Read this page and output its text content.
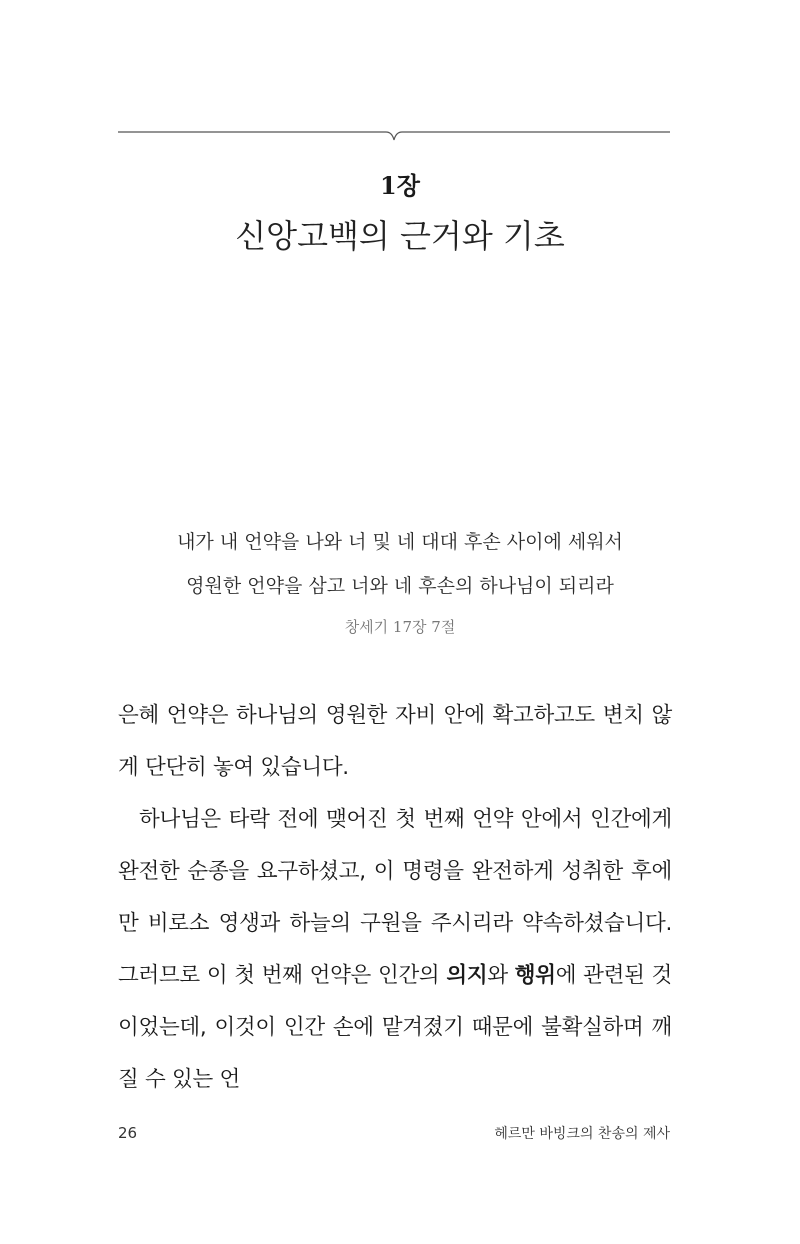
1장
신앙고백의 근거와 기초
내가 내 언약을 나와 너 및 네 대대 후손 사이에 세워서
영원한 언약을 삼고 너와 네 후손의 하나님이 되리라
창세기 17장 7절

은혜 언약은 하나님의 영원한 자비 안에 확고하고도 변치 않게 단단히 놓여 있습니다.

하나님은 타락 전에 맺어진 첫 번째 언약 안에서 인간에게 완전한 순종을 요구하셨고, 이 명령을 완전하게 성취한 후에만 비로소 영생과 하늘의 구원을 주시리라 약속하셨습니다. 그러므로 이 첫 번째 언약은 인간의 의지와 행위에 관련된 것이었는데, 이것이 인간 손에 맡겨졌기 때문에 불확실하며 깨질 수 있는 언

26	헤르만 바빙크의 찬송의 제사
